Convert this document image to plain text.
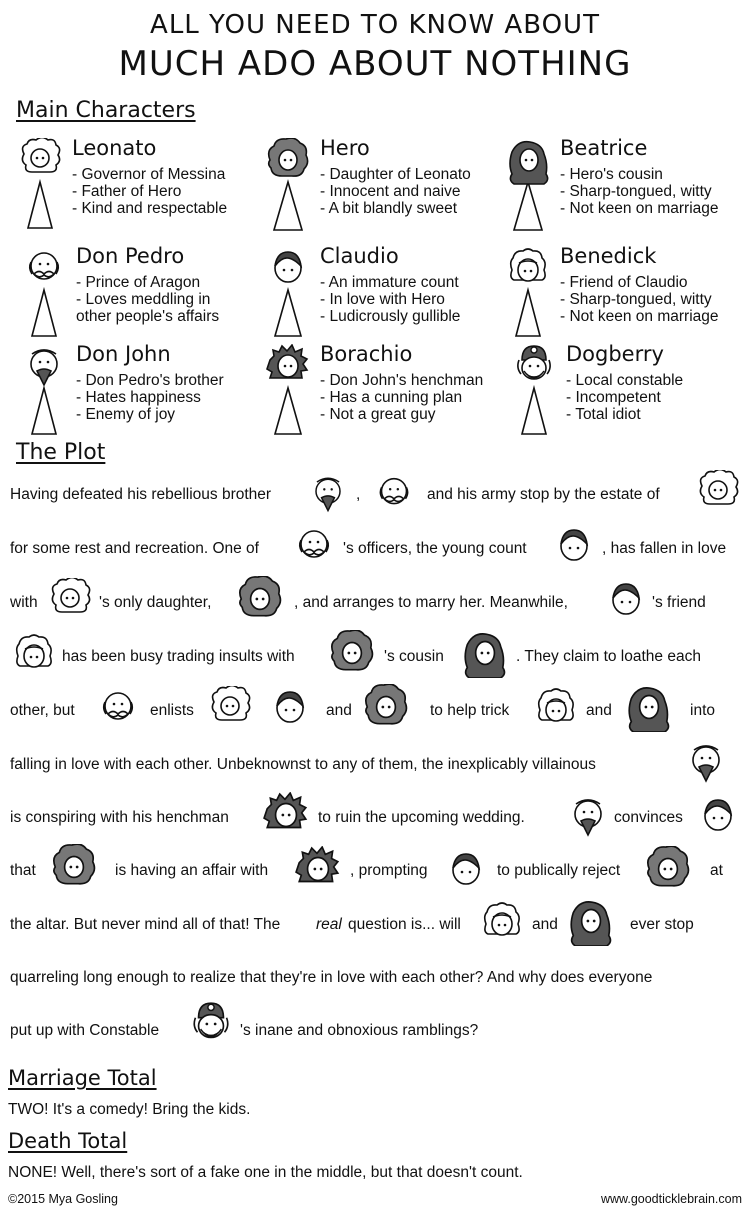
ALL YOU NEED TO KNOW ABOUT
MUCH ADO ABOUT NOTHING
Main Characters
Leonato
- Governor of Messina
- Father of Hero
- Kind and respectable
Hero
- Daughter of Leonato
- Innocent and naive
- A bit blandly sweet
Beatrice
- Hero's cousin
- Sharp-tongued, witty
- Not keen on marriage
Don Pedro
- Prince of Aragon
- Loves meddling in
other people's affairs
Claudio
- An immature count
- In love with Hero
- Ludicrously gullible
Benedick
- Friend of Claudio
- Sharp-tongued, witty
- Not keen on marriage
Don John
- Don Pedro's brother
- Hates happiness
- Enemy of joy
Borachio
- Don John's henchman
- Has a cunning plan
- Not a great guy
Dogberry
- Local constable
- Incompetent
- Total idiot
The Plot
Having defeated his rebellious brother	,	and his army stop by the estate of
for some rest and recreation. One of	's officers, the young count	, has fallen in love
with	's only daughter,	, and arranges to marry her. Meanwhile,	's friend
has been busy trading insults with	's cousin	. They claim to loathe each
other, but	enlists	and	to help trick	and	into
falling in love with each other. Unbeknownst to any of them, the inexplicably villainous
is conspiring with his henchman	to ruin the upcoming wedding.	convinces
that	is having an affair with	, prompting	to publically reject	at
the altar. But never mind all of that! The real question is... will	and	ever stop
quarreling long enough to realize that they're in love with each other? And why does everyone
put up with Constable	's inane and obnoxious ramblings?
Marriage Total
TWO! It's a comedy! Bring the kids.
Death Total
NONE! Well, there's sort of a fake one in the middle, but that doesn't count.
©2015 Mya Gosling	www.goodticklebrain.com
